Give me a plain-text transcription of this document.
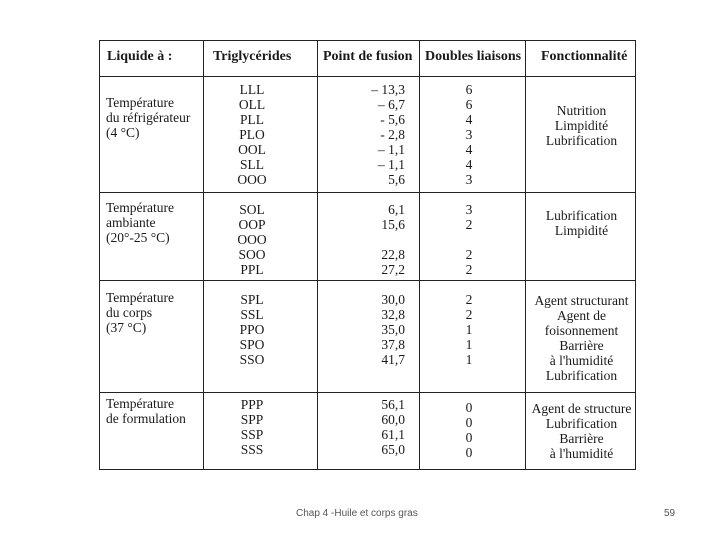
Liquide à :	Triglycérides Point de fusion Doubles liaisons Fonctionnalité
Température
du réfrigérateur
(4 °C)
LLL
OLL
PLL
PLO
OOL
SLL
OOO
– 13,3
– 6,7
- 5,6
- 2,8
– 1,1
– 1,1
5,6
6
6
4
3
4
4
3
Nutrition
Limpidité
Lubrification
Température
ambiante
(20°-25 °C)
SOL
OOP
OOO
SOO
PPL
6,1
15,6
22,8
27,2
3
2
2
2
Lubrification
Limpidité
Température
du corps
(37 °C)
SPL
SSL
PPO
SPO
SSO
30,0
32,8
35,0
37,8
41,7
2
2
1
1
1
Agent structurant
Agent de
foisonnement
Barrière
à l'humidité
Lubrification
Température
de formulation
PPP
SPP
SSP
SSS
56,1
60,0
61,1
65,0
0
0
0
0
Agent de structure
Lubrification
Barrière
à l'humidité
Chap 4 -Huile et corps gras	59
